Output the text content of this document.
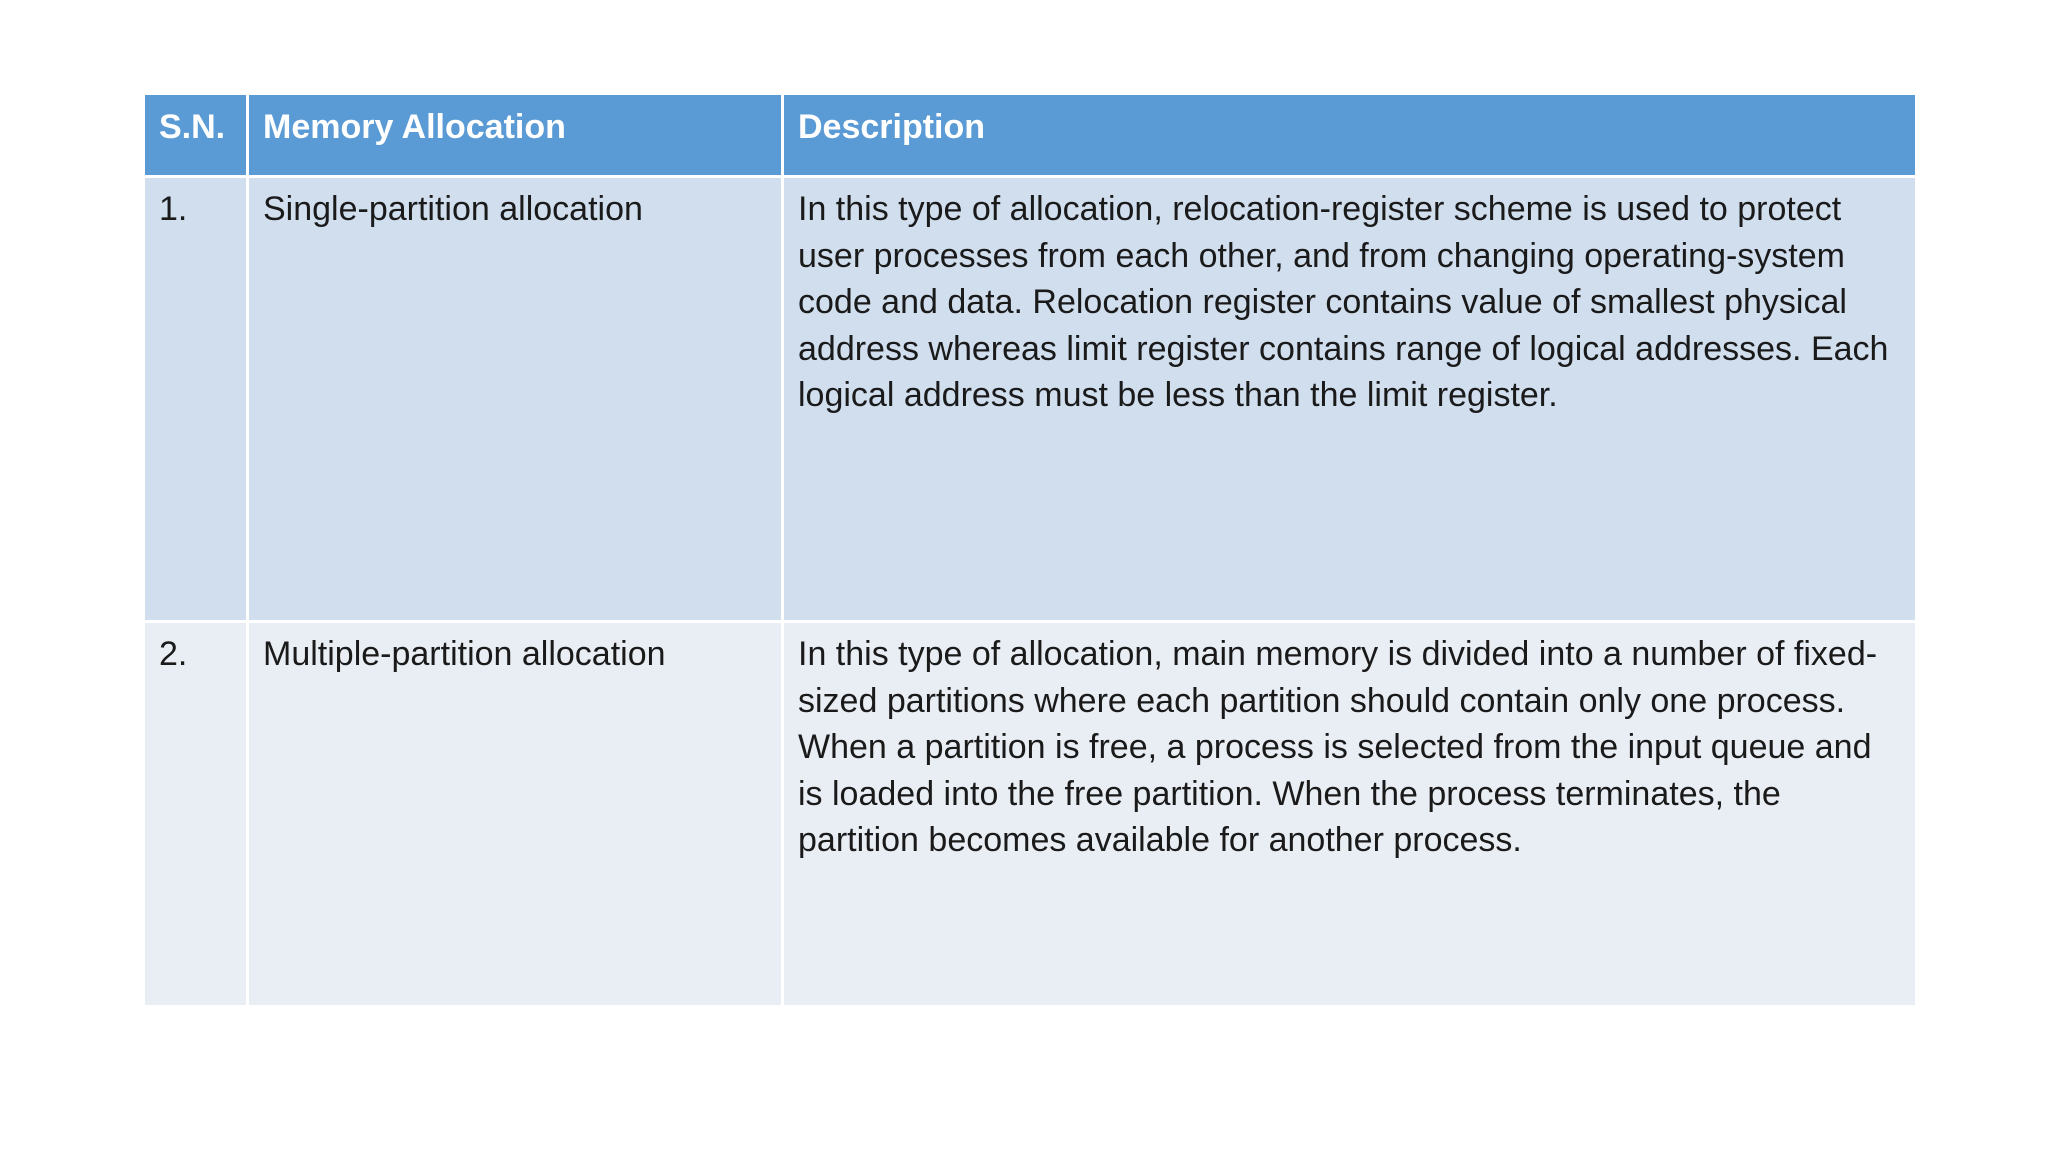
S.N.	Memory Allocation	Description
1.	Single-partition allocation	In this type of allocation, relocation-register scheme is used to protect user processes from each other, and from changing operating-system code and data. Relocation register contains value of smallest physical address whereas limit register contains range of logical addresses. Each logical address must be less than the limit register.
2.	Multiple-partition allocation	In this type of allocation, main memory is divided into a number of fixed-sized partitions where each partition should contain only one process. When a partition is free, a process is selected from the input queue and is loaded into the free partition. When the process terminates, the partition becomes available for another process.
